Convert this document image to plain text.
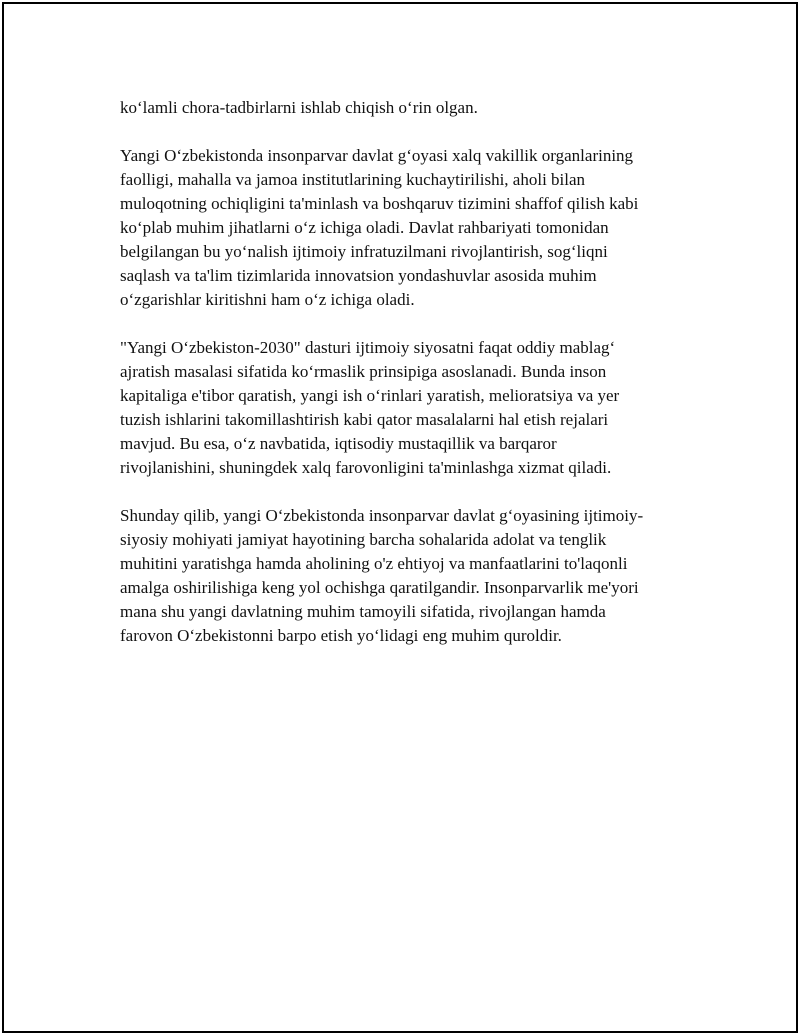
ko‘lamli chora-tadbirlarni ishlab chiqish o‘rin olgan.

Yangi O‘zbekistonda insonparvar davlat g‘oyasi xalq vakillik organlarining
faolligi, mahalla va jamoa institutlarining kuchaytirilishi, aholi bilan
muloqotning ochiqligini ta'minlash va boshqaruv tizimini shaffof qilish kabi
ko‘plab muhim jihatlarni o‘z ichiga oladi. Davlat rahbariyati tomonidan
belgilangan bu yo‘nalish ijtimoiy infratuzilmani rivojlantirish, sog‘liqni
saqlash va ta'lim tizimlarida innovatsion yondashuvlar asosida muhim
o‘zgarishlar kiritishni ham o‘z ichiga oladi.

"Yangi O‘zbekiston-2030" dasturi ijtimoiy siyosatni faqat oddiy mablag‘
ajratish masalasi sifatida ko‘rmaslik prinsipiga asoslanadi. Bunda inson
kapitaliga e'tibor qaratish, yangi ish o‘rinlari yaratish, melioratsiya va yer
tuzish ishlarini takomillashtirish kabi qator masalalarni hal etish rejalari
mavjud. Bu esa, o‘z navbatida, iqtisodiy mustaqillik va barqaror
rivojlanishini, shuningdek xalq farovonligini ta'minlashga xizmat qiladi.

Shunday qilib, yangi O‘zbekistonda insonparvar davlat g‘oyasining ijtimoiy-
siyosiy mohiyati jamiyat hayotining barcha sohalarida adolat va tenglik
muhitini yaratishga hamda aholining o'z ehtiyoj va manfaatlarini to'laqonli
amalga oshirilishiga keng yol ochishga qaratilgandir. Insonparvarlik me'yori
mana shu yangi davlatning muhim tamoyili sifatida, rivojlangan hamda
farovon O‘zbekistonni barpo etish yo‘lidagi eng muhim quroldir.
